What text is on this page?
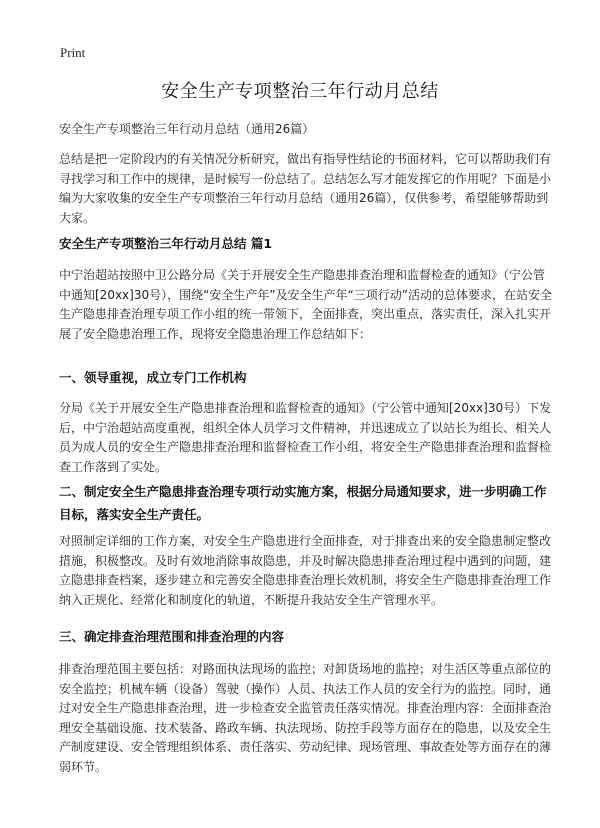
Print
安全生产专项整治三年行动月总结

安全生产专项整治三年行动月总结（通用26篇）

总结是把一定阶段内的有关情况分析研究，做出有指导性结论的书面材料，它可以帮助我们有寻找学习和工作中的规律，是时候写一份总结了。总结怎么写才能发挥它的作用呢？下面是小编为大家收集的安全生产专项整治三年行动月总结（通用26篇），仅供参考，希望能够帮助到大家。

安全生产专项整治三年行动月总结 篇1

中宁治超站按照中卫公路分局《关于开展安全生产隐患排查治理和监督检查的通知》（宁公管中通知[20xx]30号），围绕“安全生产年”及安全生产年“三项行动”活动的总体要求，在站安全生产隐患排查治理专项工作小组的统一带领下，全面排查，突出重点，落实责任，深入扎实开展了安全隐患治理工作，现将安全隐患治理工作总结如下：

一、领导重视，成立专门工作机构

分局《关于开展安全生产隐患排查治理和监督检查的通知》（宁公管中通知[20xx]30号）下发后，中宁治超站高度重视，组织全体人员学习文件精神，并迅速成立了以站长为组长、相关人员为成人员的安全生产隐患排查治理和监督检查工作小组，将安全生产隐患排查治理和监督检查工作落到了实处。

二、制定安全生产隐患排查治理专项行动实施方案，根据分局通知要求，进一步明确工作目标，落实安全生产责任。

对照制定详细的工作方案，对安全生产隐患进行全面排查，对于排查出来的安全隐患制定整改措施，积极整改。及时有效地消除事故隐患，并及时解决隐患排查治理过程中遇到的问题，建立隐患排查档案，逐步建立和完善安全隐患排查治理长效机制，将安全生产隐患排查治理工作纳入正规化、经常化和制度化的轨道，不断提升我站安全生产管理水平。

三、确定排查治理范围和排查治理的内容

排查治理范围主要包括：对路面执法现场的监控；对卸货场地的监控；对生活区等重点部位的安全监控；机械车辆（设备）驾驶（操作）人员、执法工作人员的安全行为的监控。同时，通过对安全生产隐患排查治理，进一步检查安全监管责任落实情况。排查治理内容：全面排查治理安全基础设施、技术装备、路政车辆、执法现场、防控手段等方面存在的隐患，以及安全生产制度建设、安全管理组织体系、责任落实、劳动纪律、现场管理、事故查处等方面存在的薄弱环节。
